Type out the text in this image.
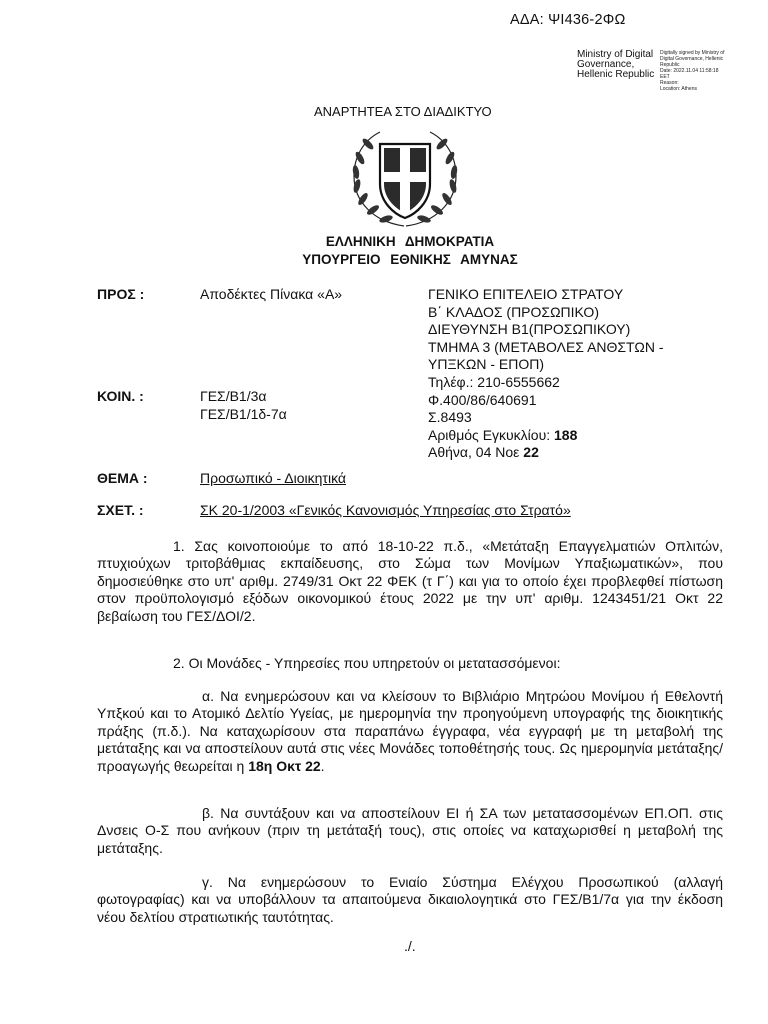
ΑΔΑ: ΨΙ436-2ΦΩ
Ministry of Digital
Governance,
Hellenic Republic
Digitally signed by Ministry of
Digital Governance, Hellenic
Republic
Date: 2022.11.04 11:58:18
EET
Reason:
Location: Athens
ΑΝΑΡΤΗΤΕΑ ΣΤΟ ΔΙΑΔΙΚΤΥΟ
ΕΛΛΗΝΙΚΗ ΔΗΜΟΚΡΑΤΙΑ
ΥΠΟΥΡΓΕΙΟ ΕΘΝΙΚΗΣ ΑΜΥΝΑΣ
ΠΡΟΣ :	Αποδέκτες Πίνακα «Α»	ΓΕΝΙΚΟ ΕΠΙΤΕΛΕΙΟ ΣΤΡΑΤΟΥ
Β΄ ΚΛΑΔΟΣ (ΠΡΟΣΩΠΙΚΟ)
ΔΙΕΥΘΥΝΣΗ Β1(ΠΡΟΣΩΠΙΚΟΥ)
ΤΜΗΜΑ 3 (ΜΕΤΑΒΟΛΕΣ ΑΝΘΣΤΩΝ -
ΥΠΞΚΩΝ - ΕΠΟΠ)
Τηλέφ.: 210-6555662
Φ.400/86/640691
Σ.8493
Αριθμός Εγκυκλίου: 188
Αθήνα, 04 Νοε 22
ΚΟΙΝ. :	ΓΕΣ/Β1/3α
ΓΕΣ/Β1/1δ-7α
ΘΕΜΑ :	Προσωπικό - Διοικητικά
ΣΧΕΤ. :	ΣΚ 20-1/2003 «Γενικός Κανονισμός Υπηρεσίας στο Στρατό»
1. Σας κοινοποιούμε το από 18-10-22 π.δ., «Μετάταξη Επαγγελματιών Οπλιτών, πτυχιούχων τριτοβάθμιας εκπαίδευσης, στο Σώμα των Μονίμων Υπαξιωματικών», που δημοσιεύθηκε στο υπ' αριθμ. 2749/31 Οκτ 22 ΦΕΚ (τ Γ΄) και για το οποίο έχει προβλεφθεί πίστωση στον προϋπολογισμό εξόδων οικονομικού έτους 2022 με την υπ' αριθμ. 1243451/21 Οκτ 22 βεβαίωση του ΓΕΣ/ΔΟΙ/2.
2. Οι Μονάδες - Υπηρεσίες που υπηρετούν οι μετατασσόμενοι:
α. Να ενημερώσουν και να κλείσουν το Βιβλιάριο Μητρώου Μονίμου ή Εθελοντή Υπξκού και το Ατομικό Δελτίο Υγείας, με ημερομηνία την προηγούμενη υπογραφής της διοικητικής πράξης (π.δ.). Να καταχωρίσουν στα παραπάνω έγγραφα, νέα εγγραφή με τη μεταβολή της μετάταξης και να αποστείλουν αυτά στις νέες Μονάδες τοποθέτησής τους. Ως ημερομηνία μετάταξης/προαγωγής θεωρείται η 18η Οκτ 22.
β. Να συντάξουν και να αποστείλουν ΕΙ ή ΣΑ των μετατασσομένων ΕΠ.ΟΠ. στις Δνσεις Ο-Σ που ανήκουν (πριν τη μετάταξή τους), στις οποίες να καταχωρισθεί η μεταβολή της μετάταξης.
γ. Να ενημερώσουν το Ενιαίο Σύστημα Ελέγχου Προσωπικού (αλλαγή φωτογραφίας) και να υποβάλλουν τα απαιτούμενα δικαιολογητικά στο ΓΕΣ/Β1/7α για την έκδοση νέου δελτίου στρατιωτικής ταυτότητας.
./.
